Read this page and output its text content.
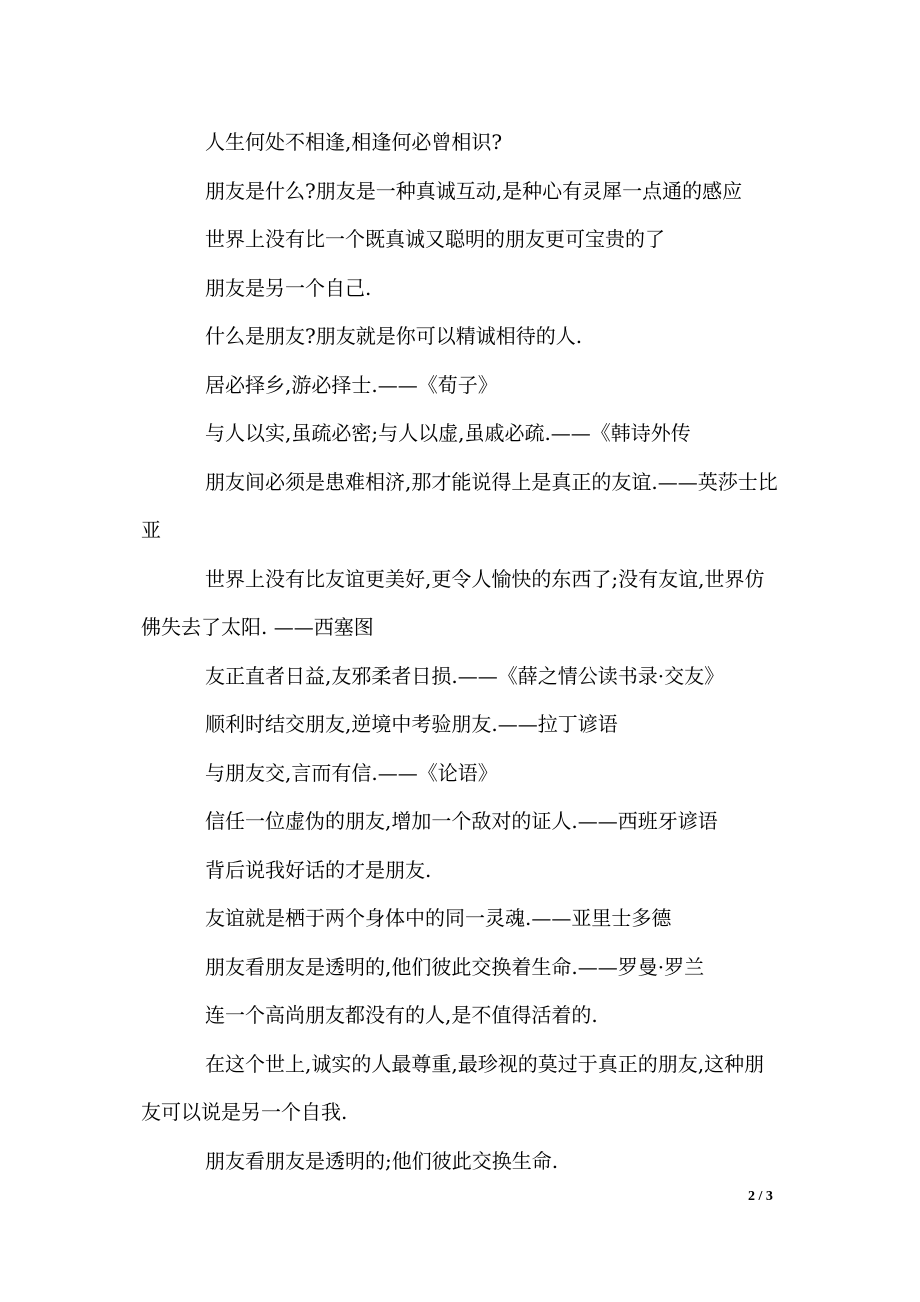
人生何处不相逢,相逢何必曾相识?

朋友是什么?朋友是一种真诚互动,是种心有灵犀一点通的感应

世界上没有比一个既真诚又聪明的朋友更可宝贵的了

朋友是另一个自己.

什么是朋友?朋友就是你可以精诚相待的人.

居必择乡,游必择士.——《荀子》

与人以实,虽疏必密;与人以虚,虽戚必疏.——《韩诗外传

朋友间必须是患难相济,那才能说得上是真正的友谊.——英莎士比亚

世界上没有比友谊更美好,更令人愉快的东西了;没有友谊,世界仿佛失去了太阳. ——西塞图

友正直者日益,友邪柔者日损.——《薛之情公读书录·交友》

顺利时结交朋友,逆境中考验朋友.——拉丁谚语

与朋友交,言而有信.——《论语》

信任一位虚伪的朋友,增加一个敌对的证人.——西班牙谚语

背后说我好话的才是朋友.

友谊就是栖于两个身体中的同一灵魂.——亚里士多德

朋友看朋友是透明的,他们彼此交换着生命.——罗曼·罗兰

连一个高尚朋友都没有的人,是不值得活着的.

在这个世上,诚实的人最尊重,最珍视的莫过于真正的朋友,这种朋友可以说是另一个自我.

朋友看朋友是透明的;他们彼此交换生命.

2 / 3
